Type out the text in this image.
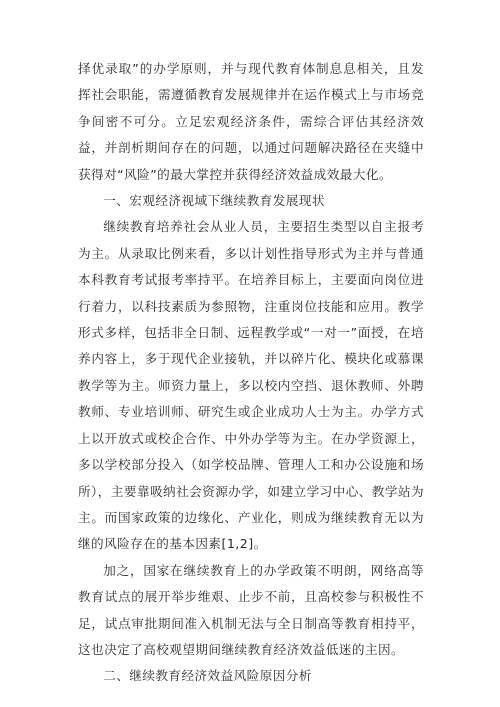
择优录取”的办学原则，并与现代教育体制息息相关，且发挥社会职能，需遵循教育发展规律并在运作模式上与市场竞争间密不可分。立足宏观经济条件，需综合评估其经济效益，并剖析期间存在的问题，以通过问题解决路径在夹缝中获得对“风险”的最大掌控并获得经济效益成效最大化。

一、宏观经济视域下继续教育发展现状

继续教育培养社会从业人员，主要招生类型以自主报考为主。从录取比例来看，多以计划性指导形式为主并与普通本科教育考试报考率持平。在培养目标上，主要面向岗位进行着力，以科技素质为参照物，注重岗位技能和应用。教学形式多样，包括非全日制、远程教学或“一对一”面授，在培养内容上，多于现代企业接轨，并以碎片化、模块化或慕课教学等为主。师资力量上，多以校内空挡、退休教师、外聘教师、专业培训师、研究生或企业成功人士为主。办学方式上以开放式或校企合作、中外办学等为主。在办学资源上，多以学校部分投入（如学校品牌、管理人工和办公设施和场所），主要靠吸纳社会资源办学，如建立学习中心、教学站为主。而国家政策的边缘化、产业化，则成为继续教育无以为继的风险存在的基本因素[1,2]。

加之，国家在继续教育上的办学政策不明朗，网络高等教育试点的展开举步维艰、止步不前，且高校参与积极性不足，试点审批期间准入机制无法与全日制高等教育相持平，这也决定了高校观望期间继续教育经济效益低迷的主因。

二、继续教育经济效益风险原因分析
